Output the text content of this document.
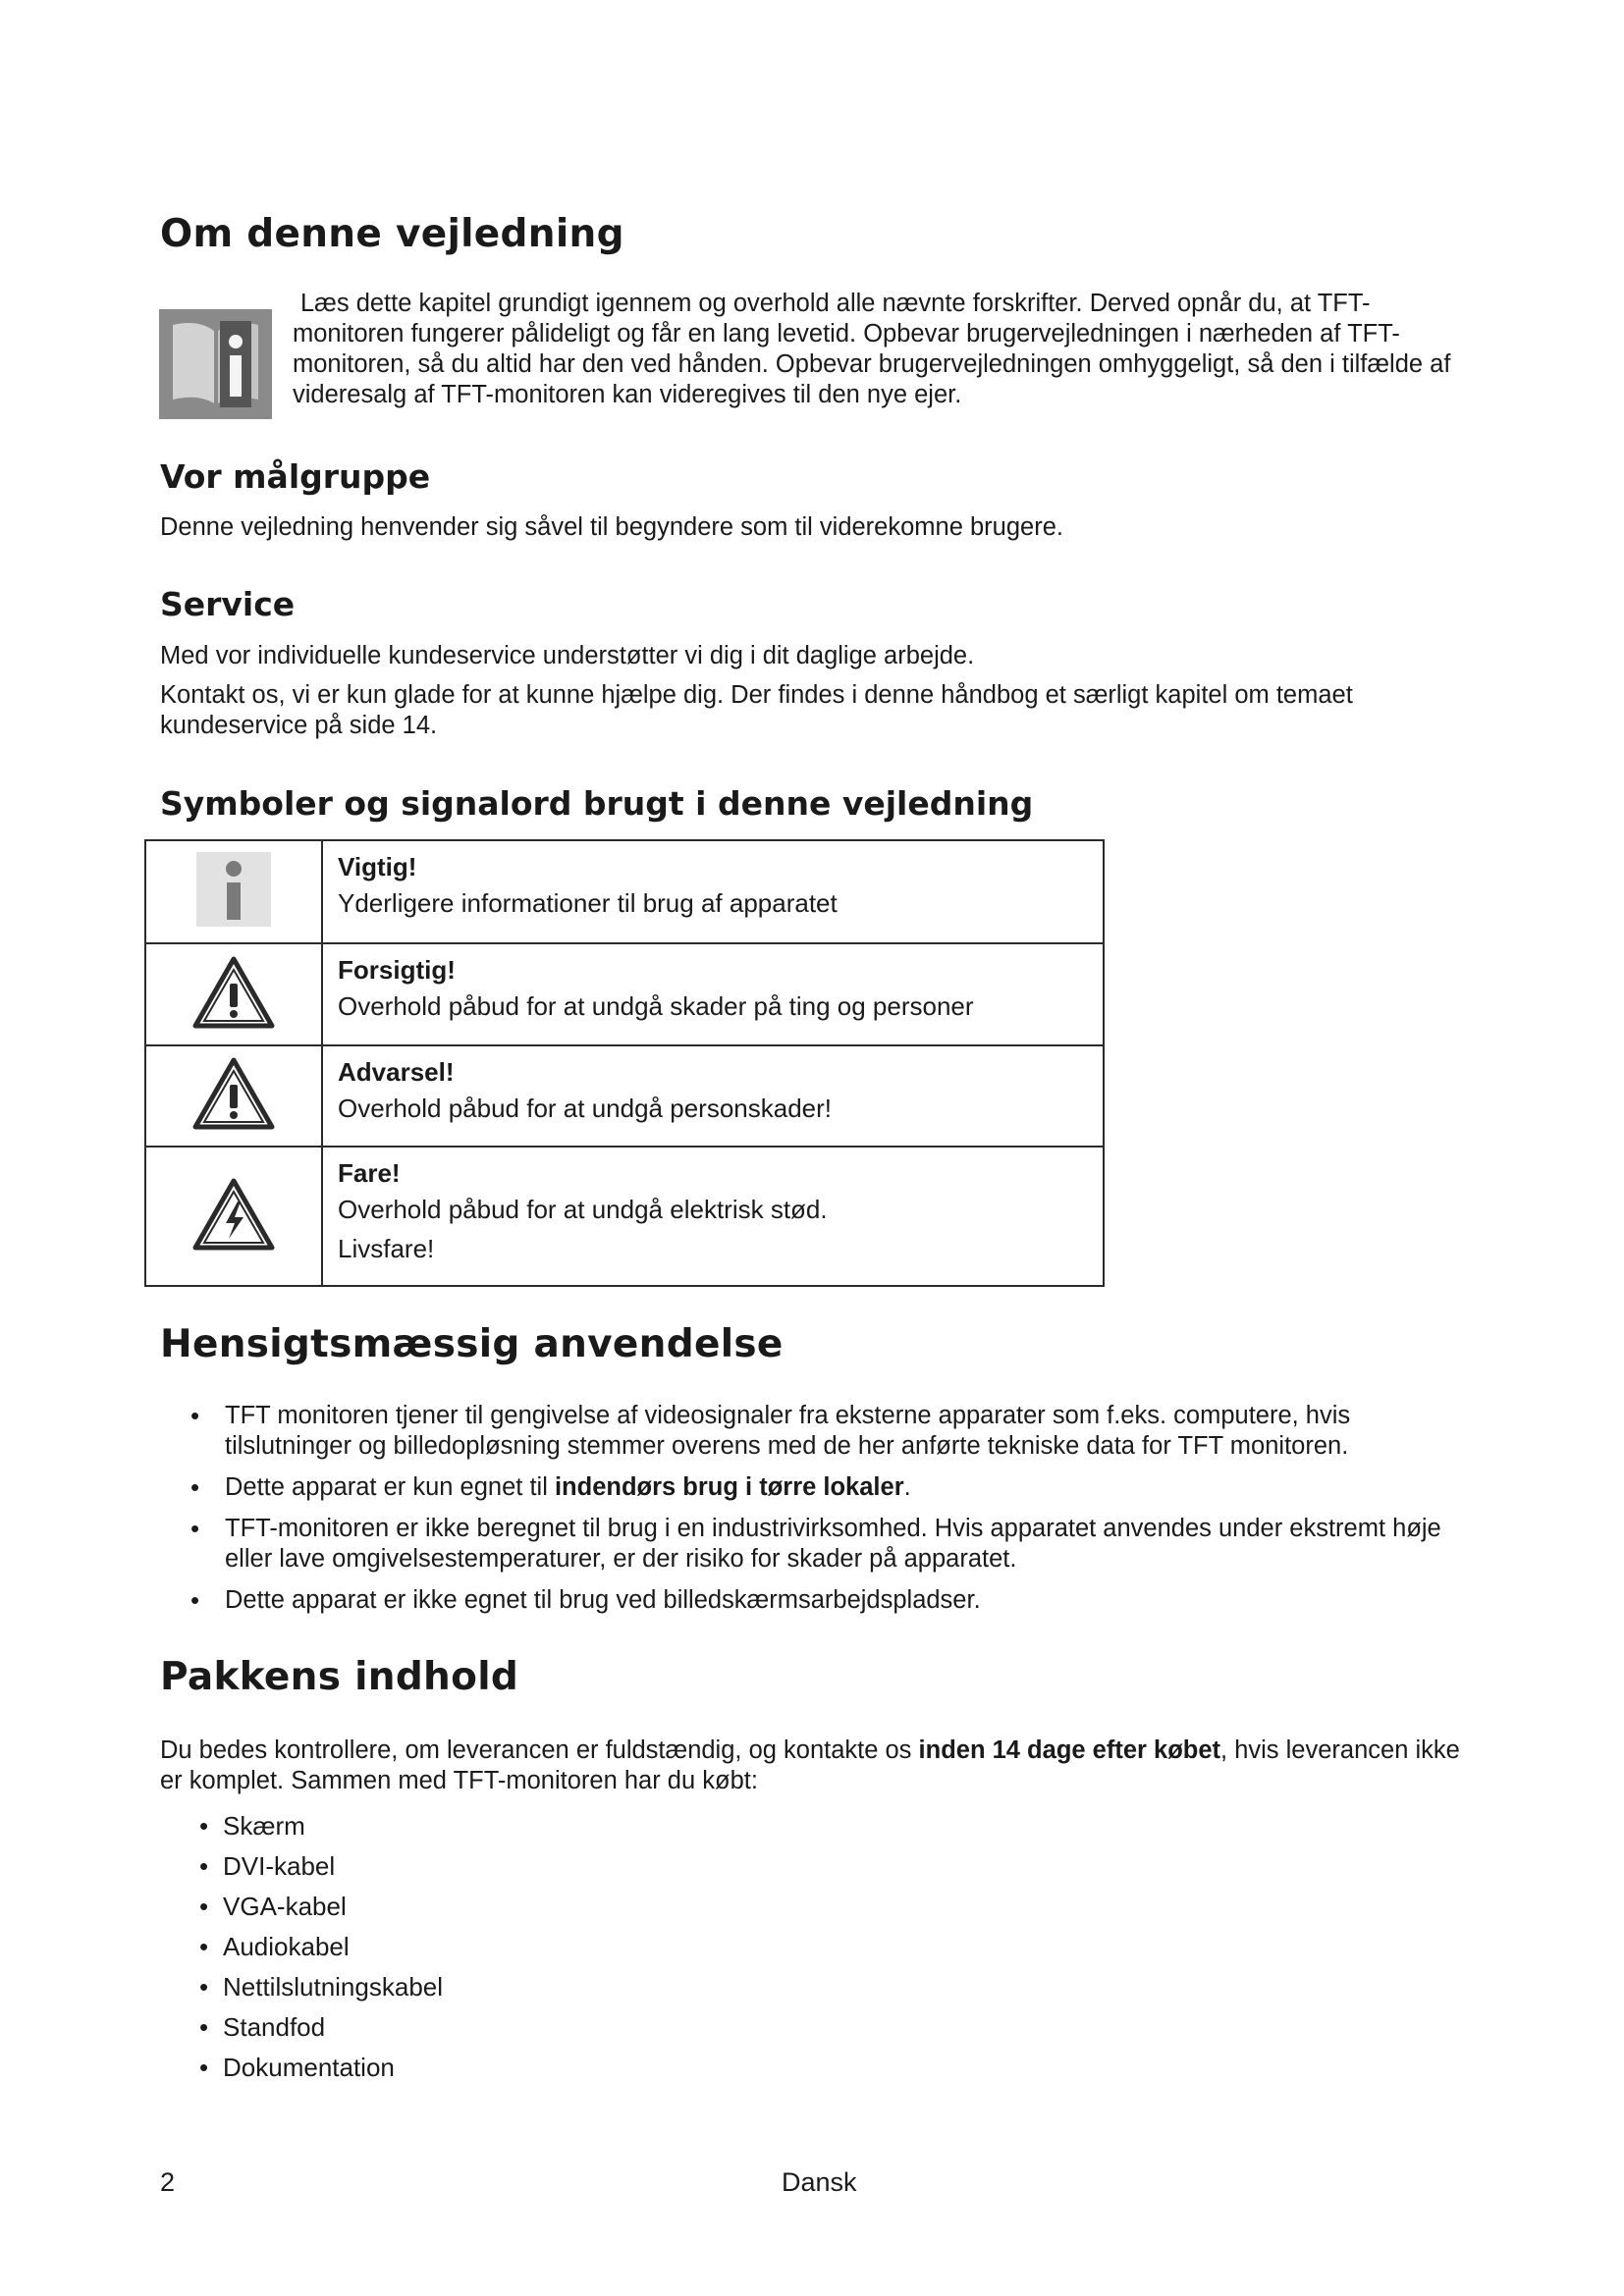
Om denne vejledning

Læs dette kapitel grundigt igennem og overhold alle nævnte forskrifter. Derved opnår du, at TFT-monitoren fungerer pålideligt og får en lang levetid. Opbevar brugervejledningen i nærheden af TFT-monitoren, så du altid har den ved hånden. Opbevar brugervejledningen omhyggeligt, så den i tilfælde af videresalg af TFT-monitoren kan videregives til den nye ejer.

Vor målgruppe

Denne vejledning henvender sig såvel til begyndere som til viderekomne brugere.

Service

Med vor individuelle kundeservice understøtter vi dig i dit daglige arbejde.

Kontakt os, vi er kun glade for at kunne hjælpe dig. Der findes i denne håndbog et særligt kapitel om temaet kundeservice på side 14.

Symboler og signalord brugt i denne vejledning

Vigtig!
Yderligere informationer til brug af apparatet

Forsigtig!
Overhold påbud for at undgå skader på ting og personer

Advarsel!
Overhold påbud for at undgå personskader!

Fare!
Overhold påbud for at undgå elektrisk stød.
Livsfare!
Hensigtsmæssig anvendelse
• TFT monitoren tjener til gengivelse af videosignaler fra eksterne apparater som f.eks. computere, hvis tilslutninger og billedopløsning stemmer overens med de her anførte tekniske data for TFT monitoren.
• Dette apparat er kun egnet til indendørs brug i tørre lokaler.
• TFT-monitoren er ikke beregnet til brug i en industrivirksomhed. Hvis apparatet anvendes under ekstremt høje eller lave omgivelsestemperaturer, er der risiko for skader på apparatet.
• Dette apparat er ikke egnet til brug ved billedskærmsarbejdspladser.
Pakkens indhold

Du bedes kontrollere, om leverancen er fuldstændig, og kontakte os inden 14 dage efter købet, hvis leverancen ikke er komplet. Sammen med TFT-monitoren har du købt:

• Skærm
• DVI-kabel
• VGA-kabel
• Audiokabel
• Nettilslutningskabel
• Standfod
• Dokumentation
2	Dansk
